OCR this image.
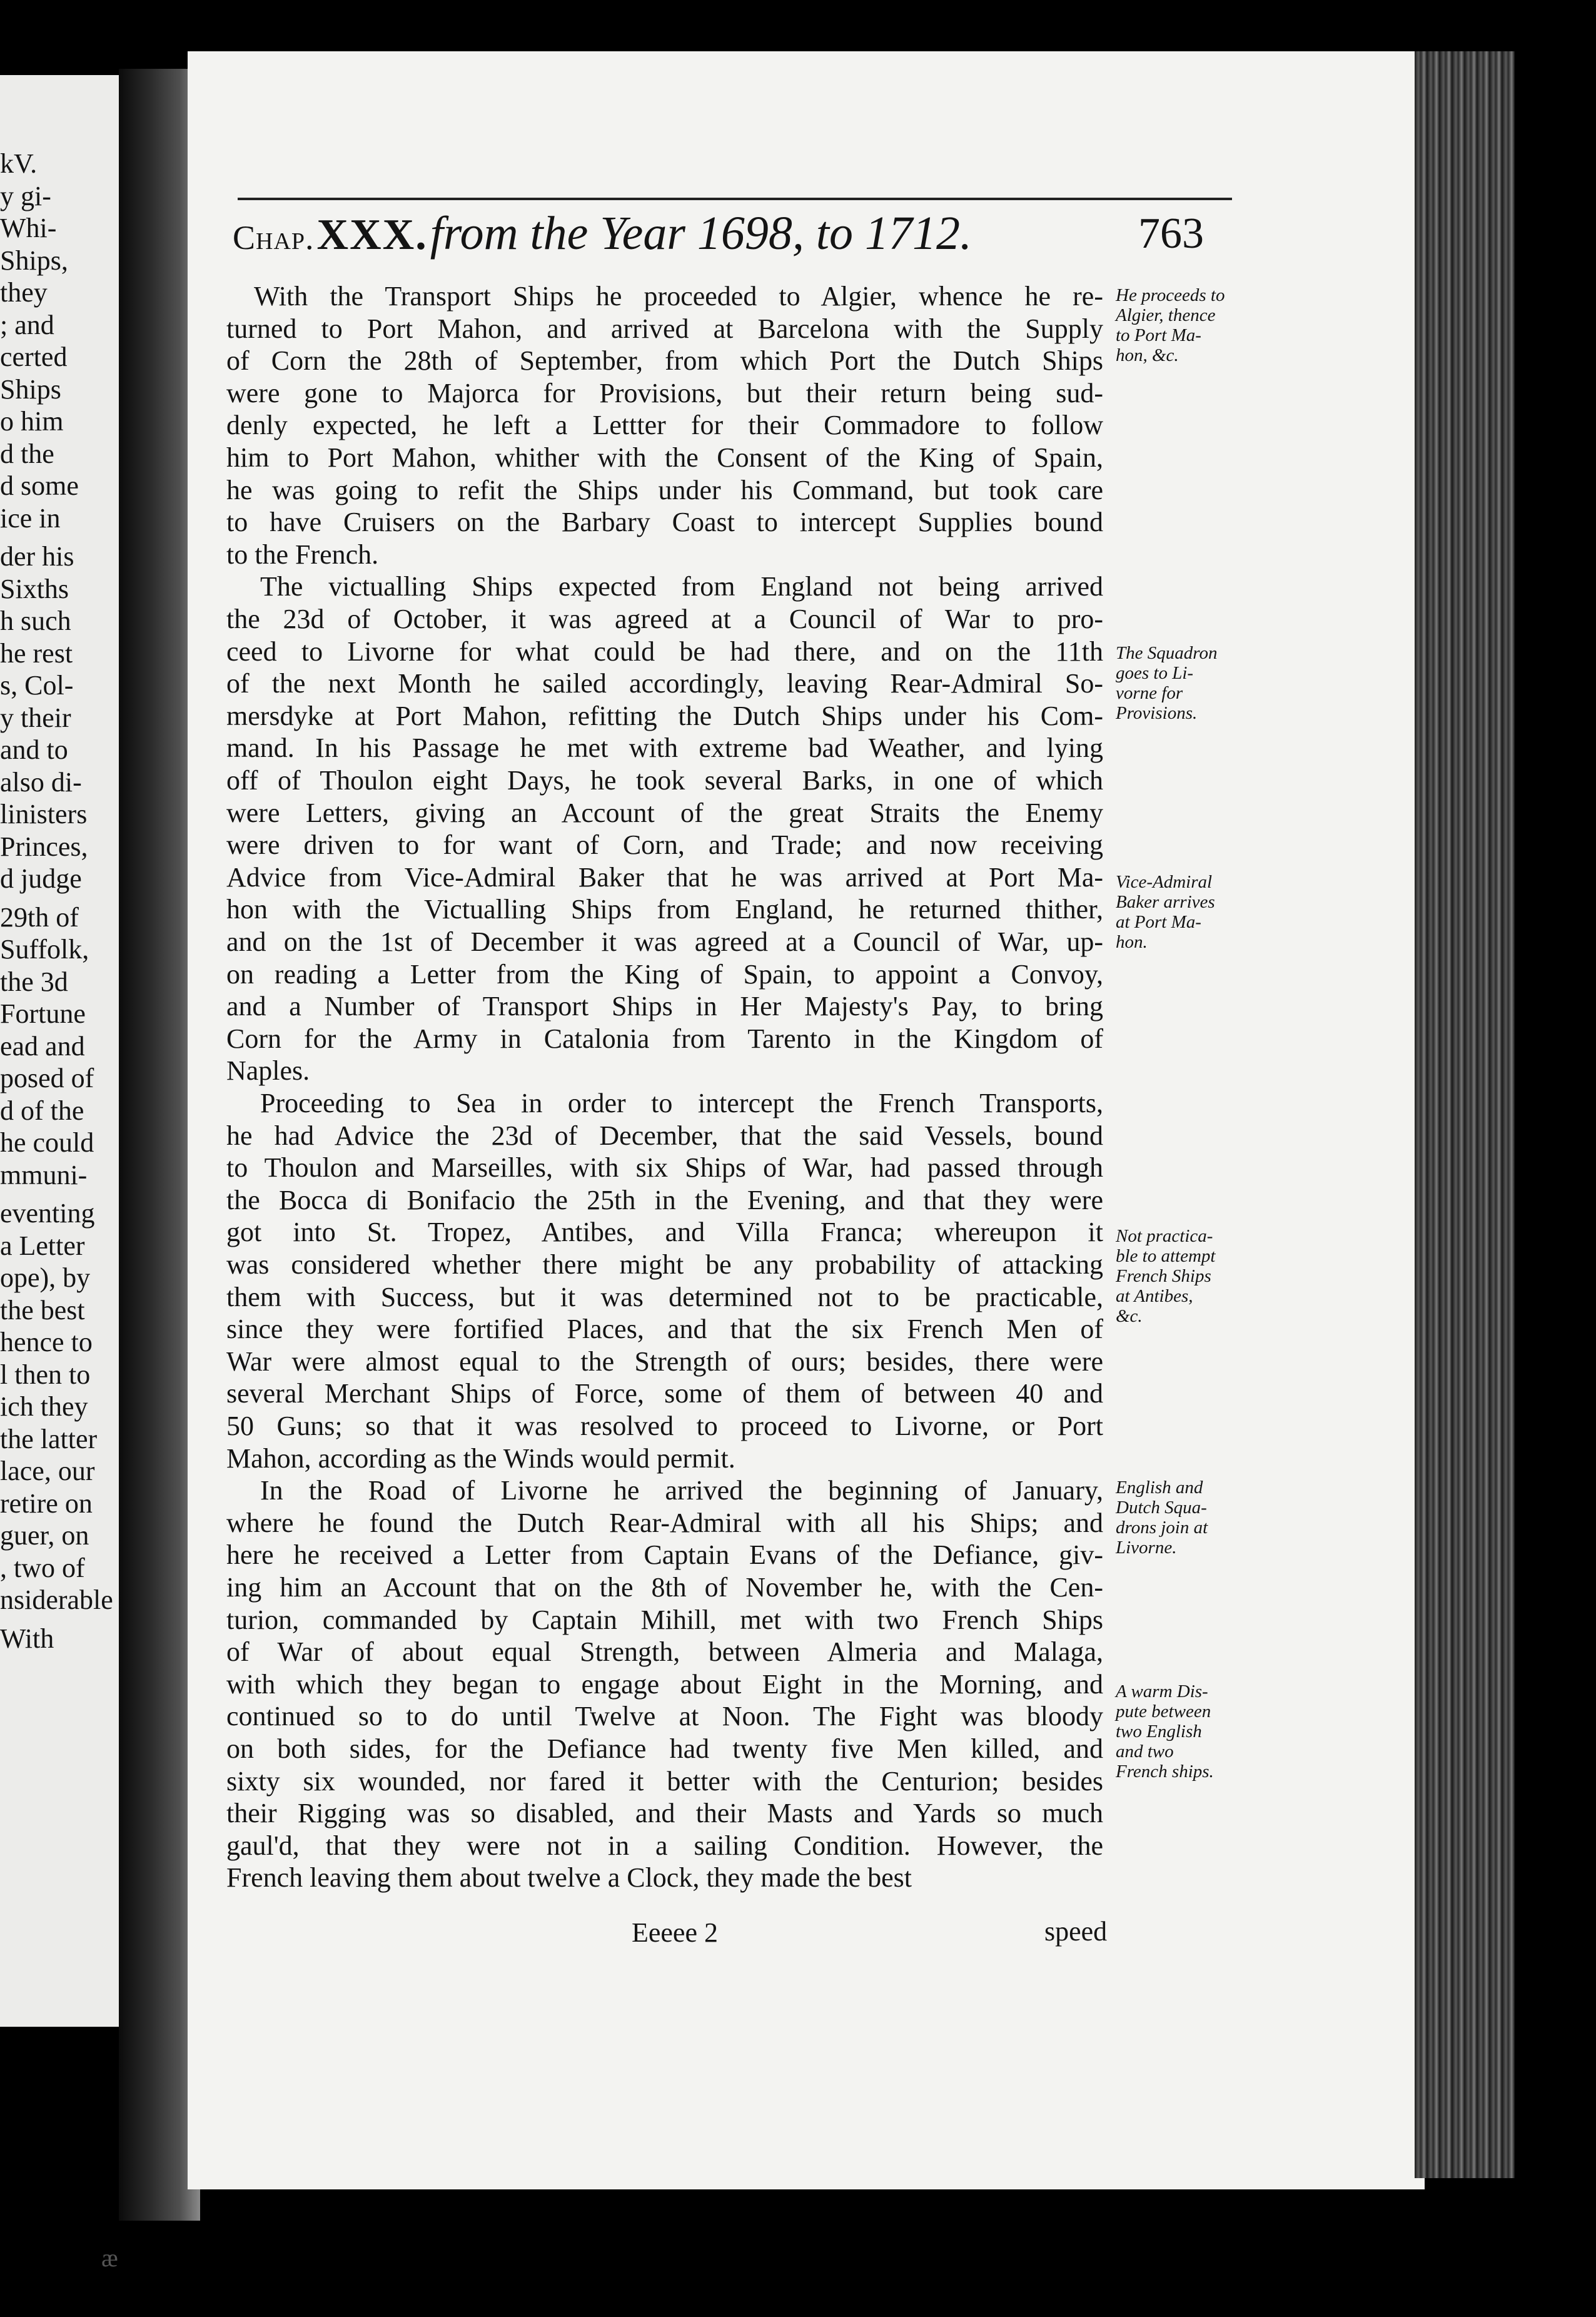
kV.
y gi-
Whi-
Ships,
they
; and
certed
Ships
o him
d the
d some
ice in
der his
Sixths
h such
he rest
s, Col-
y their
and to
also di-
linisters
Princes,
d judge
29th of
Suffolk,
the 3d
Fortune
ead and
posed of
d of the
he could
mmuni-
eventing
a Letter
ope), by
the best
hence to
l then to
ich they
the latter
lace, our
retire on
guer, on
, two of
nsiderable
With
Chap. XXX. from the Year 1698, to 1712.	763
With the Transport Ships he proceeded to Algier, whence he re-
turned to Port Mahon, and arrived at Barcelona with the Supply
of Corn the 28th of September, from which Port the Dutch Ships
were gone to Majorca for Provisions, but their return being sud-
denly expected, he left a Lettter for their Commadore to follow
him to Port Mahon, whither with the Consent of the King of Spain,
he was going to refit the Ships under his Command, but took care
to have Cruisers on the Barbary Coast to intercept Supplies bound
to the French.
The victualling Ships expected from England not being arrived
the 23d of October, it was agreed at a Council of War to pro-
ceed to Livorne for what could be had there, and on the 11th
of the next Month he sailed accordingly, leaving Rear-Admiral So-
mersdyke at Port Mahon, refitting the Dutch Ships under his Com-
mand. In his Passage he met with extreme bad Weather, and lying
off of Thoulon eight Days, he took several Barks, in one of which
were Letters, giving an Account of the great Straits the Enemy
were driven to for want of Corn, and Trade; and now receiving
Advice from Vice-Admiral Baker that he was arrived at Port Ma-
hon with the Victualling Ships from England, he returned thither,
and on the 1st of December it was agreed at a Council of War, up-
on reading a Letter from the King of Spain, to appoint a Convoy,
and a Number of Transport Ships in Her Majesty's Pay, to bring
Corn for the Army in Catalonia from Tarento in the Kingdom of
Naples.
Proceeding to Sea in order to intercept the French Transports,
he had Advice the 23d of December, that the said Vessels, bound
to Thoulon and Marseilles, with six Ships of War, had passed through
the Bocca di Bonifacio the 25th in the Evening, and that they were
got into St. Tropez, Antibes, and Villa Franca; whereupon it
was considered whether there might be any probability of attacking
them with Success, but it was determined not to be practicable,
since they were fortified Places, and that the six French Men of
War were almost equal to the Strength of ours; besides, there were
several Merchant Ships of Force, some of them of between 40 and
50 Guns; so that it was resolved to proceed to Livorne, or Port
Mahon, according as the Winds would permit.
In the Road of Livorne he arrived the beginning of January,
where he found the Dutch Rear-Admiral with all his Ships; and
here he received a Letter from Captain Evans of the Defiance, giv-
ing him an Account that on the 8th of November he, with the Cen-
turion, commanded by Captain Mihill, met with two French Ships
of War of about equal Strength, between Almeria and Malaga,
with which they began to engage about Eight in the Morning, and
continued so to do until Twelve at Noon. The Fight was bloody
on both sides, for the Defiance had twenty five Men killed, and
sixty six wounded, nor fared it better with the Centurion; besides
their Rigging was so disabled, and their Masts and Yards so much
gaul'd, that they were not in a sailing Condition. However, the
French leaving them about twelve a Clock, they made the best
He proceeds to
Algier, thence
to Port Ma-
hon, &c.
The Squadron
goes to Li-
vorne for
Provisions.
Vice-Admiral
Baker arrives
at Port Ma-
hon.
Not practica-
ble to attempt
French Ships
at Antibes,
&c.
English and
Dutch Squa-
drons join at
Livorne.
A warm Dis-
pute between
two English
and two
French ships.
Eeeee 2	speed
æ
